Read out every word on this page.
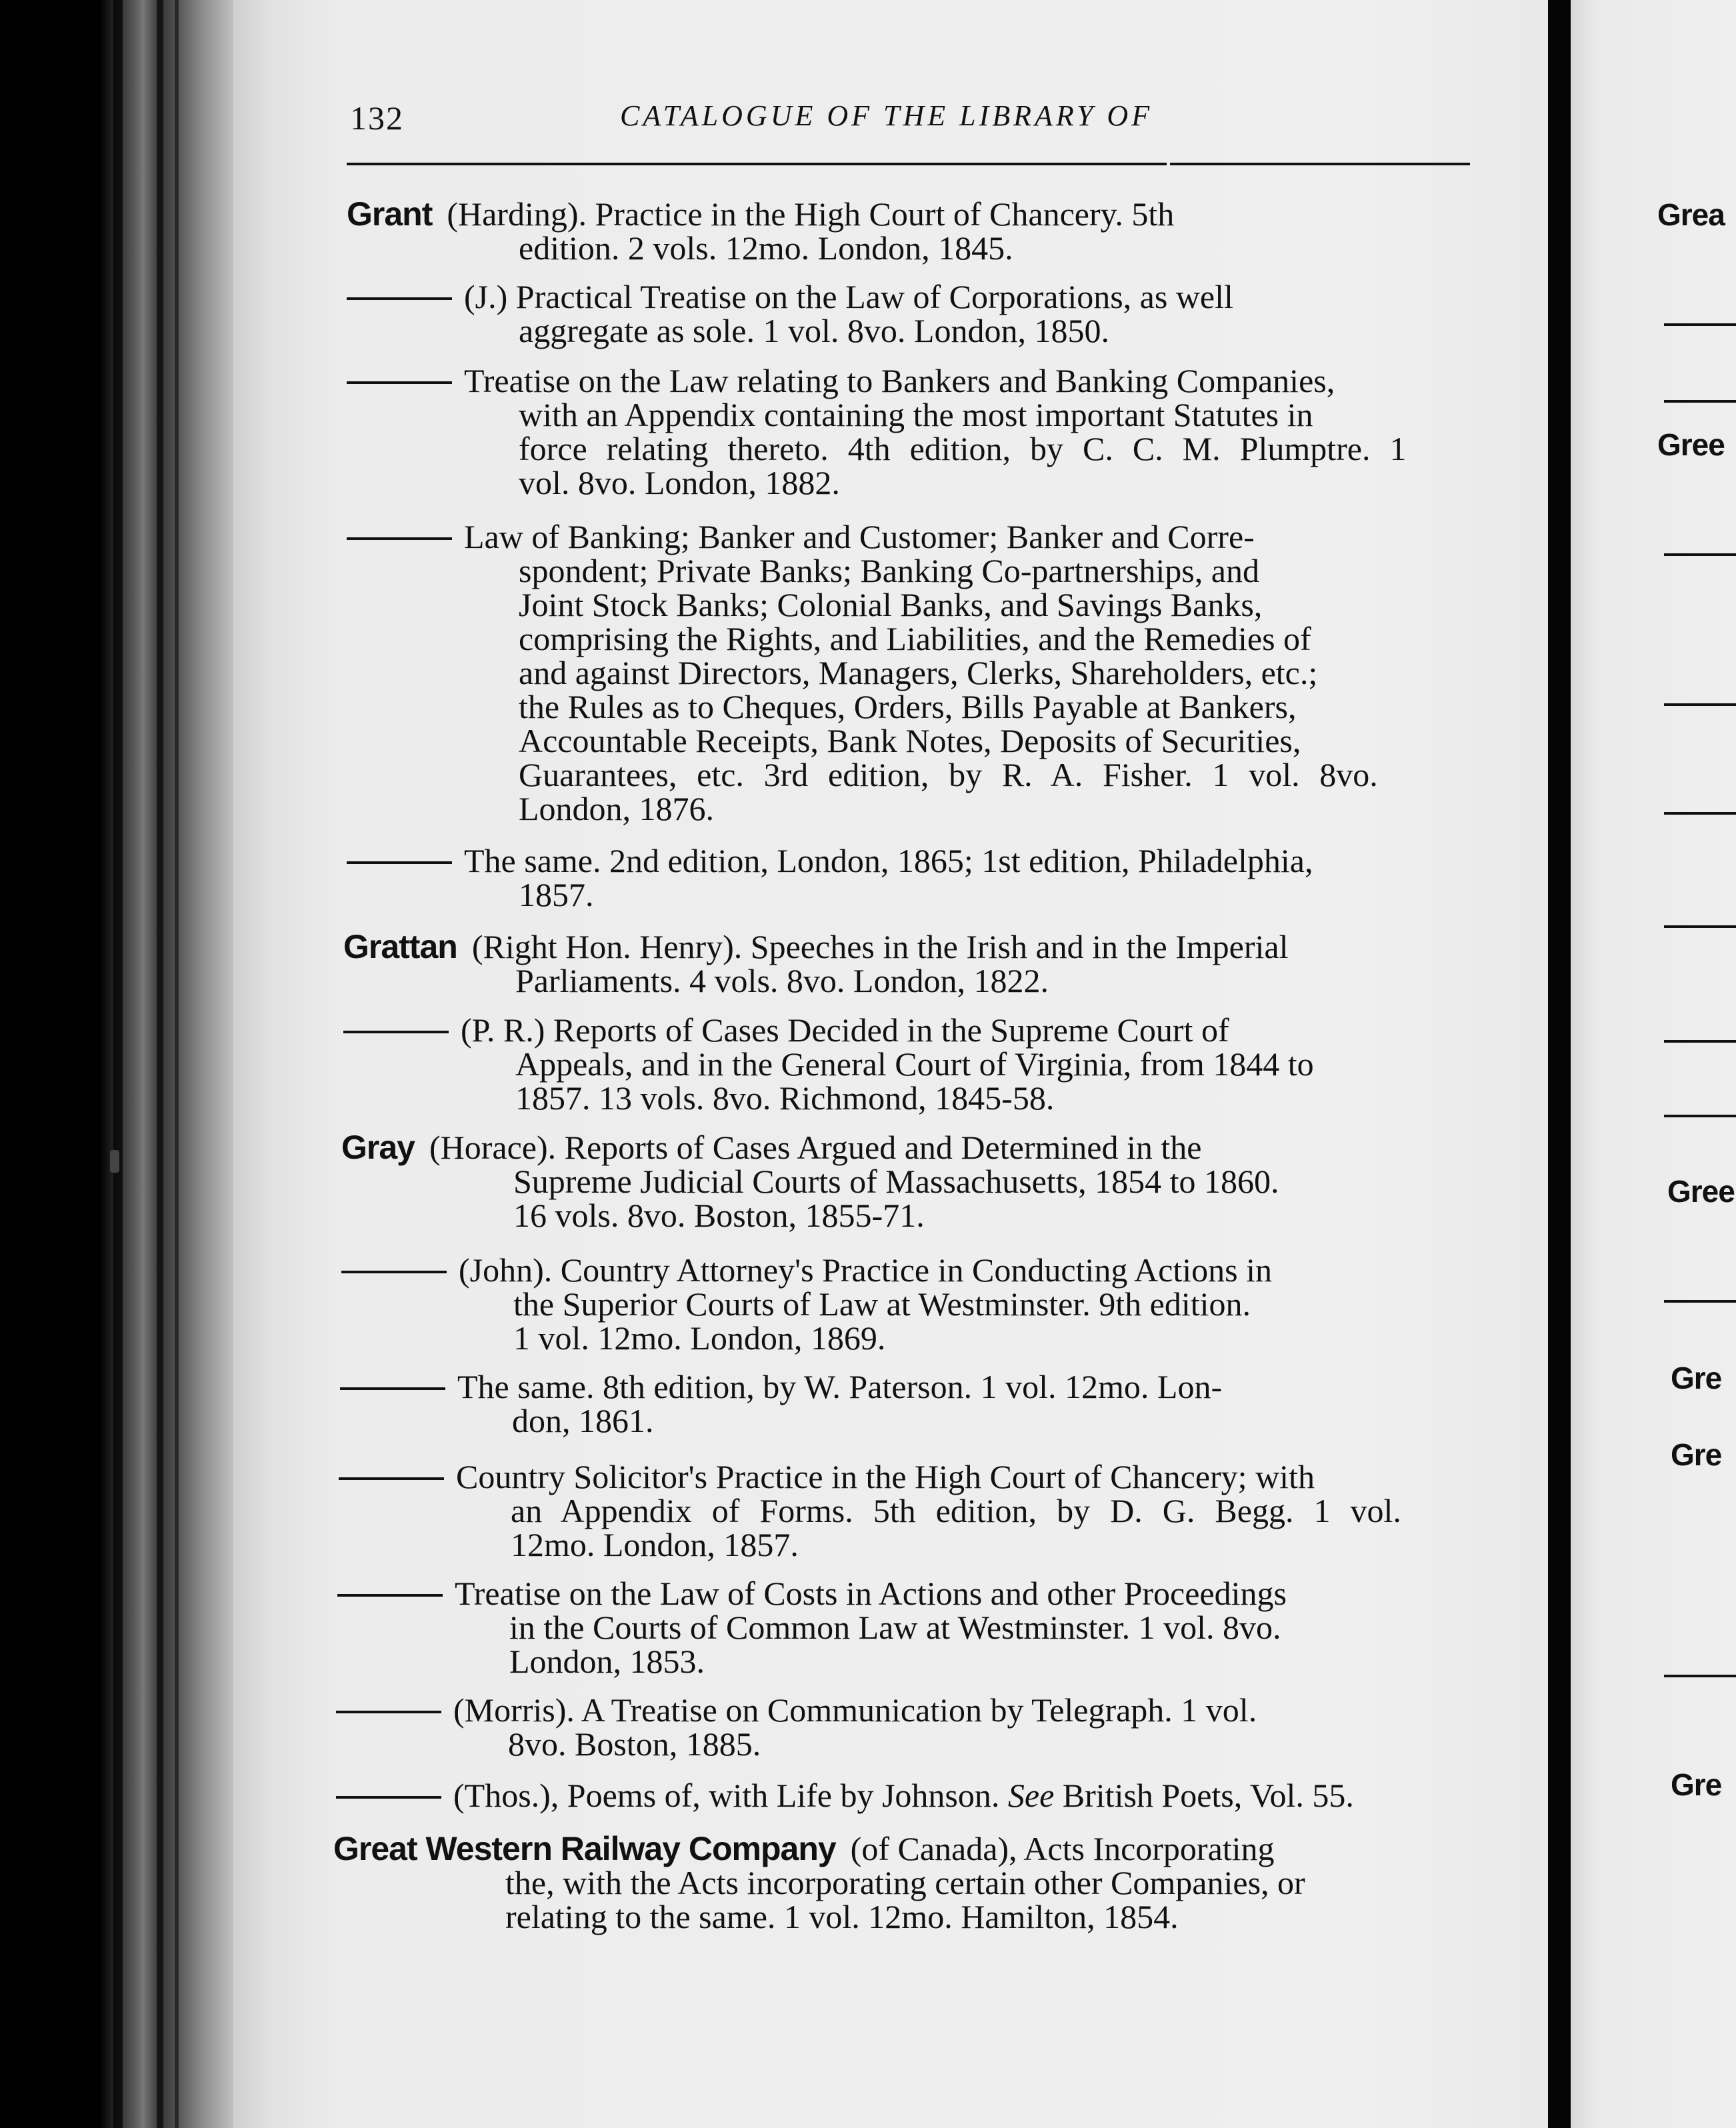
Grea
Gree
Gree
Gre
Gre
Gre
132	CATALOGUE OF THE LIBRARY OF
Grant (Harding). Practice in the High Court of Chancery. 5th
edition. 2 vols. 12mo. London, 1845.
(J.) Practical Treatise on the Law of Corporations, as well
aggregate as sole. 1 vol. 8vo. London, 1850.
Treatise on the Law relating to Bankers and Banking Companies,
with an Appendix containing the most important Statutes in
force relating thereto. 4th edition, by C. C. M. Plumptre. 1
vol. 8vo. London, 1882.
Law of Banking; Banker and Customer; Banker and Corre-
spondent; Private Banks; Banking Co-partnerships, and
Joint Stock Banks; Colonial Banks, and Savings Banks,
comprising the Rights, and Liabilities, and the Remedies of
and against Directors, Managers, Clerks, Shareholders, etc.;
the Rules as to Cheques, Orders, Bills Payable at Bankers,
Accountable Receipts, Bank Notes, Deposits of Securities,
Guarantees, etc. 3rd edition, by R. A. Fisher. 1 vol. 8vo.
London, 1876.
The same. 2nd edition, London, 1865; 1st edition, Philadelphia,
1857.
Grattan (Right Hon. Henry). Speeches in the Irish and in the Imperial
Parliaments. 4 vols. 8vo. London, 1822.
(P. R.) Reports of Cases Decided in the Supreme Court of
Appeals, and in the General Court of Virginia, from 1844 to
1857. 13 vols. 8vo. Richmond, 1845-58.
Gray (Horace). Reports of Cases Argued and Determined in the
Supreme Judicial Courts of Massachusetts, 1854 to 1860.
16 vols. 8vo. Boston, 1855-71.
(John). Country Attorney's Practice in Conducting Actions in
the Superior Courts of Law at Westminster. 9th edition.
1 vol. 12mo. London, 1869.
The same. 8th edition, by W. Paterson. 1 vol. 12mo. Lon-
don, 1861.
Country Solicitor's Practice in the High Court of Chancery; with
an Appendix of Forms. 5th edition, by D. G. Begg. 1 vol.
12mo. London, 1857.
Treatise on the Law of Costs in Actions and other Proceedings
in the Courts of Common Law at Westminster. 1 vol. 8vo.
London, 1853.
(Morris). A Treatise on Communication by Telegraph. 1 vol.
8vo. Boston, 1885.
(Thos.), Poems of, with Life by Johnson. See British Poets, Vol. 55.
Great Western Railway Company (of Canada), Acts Incorporating
the, with the Acts incorporating certain other Companies, or
relating to the same. 1 vol. 12mo. Hamilton, 1854.
